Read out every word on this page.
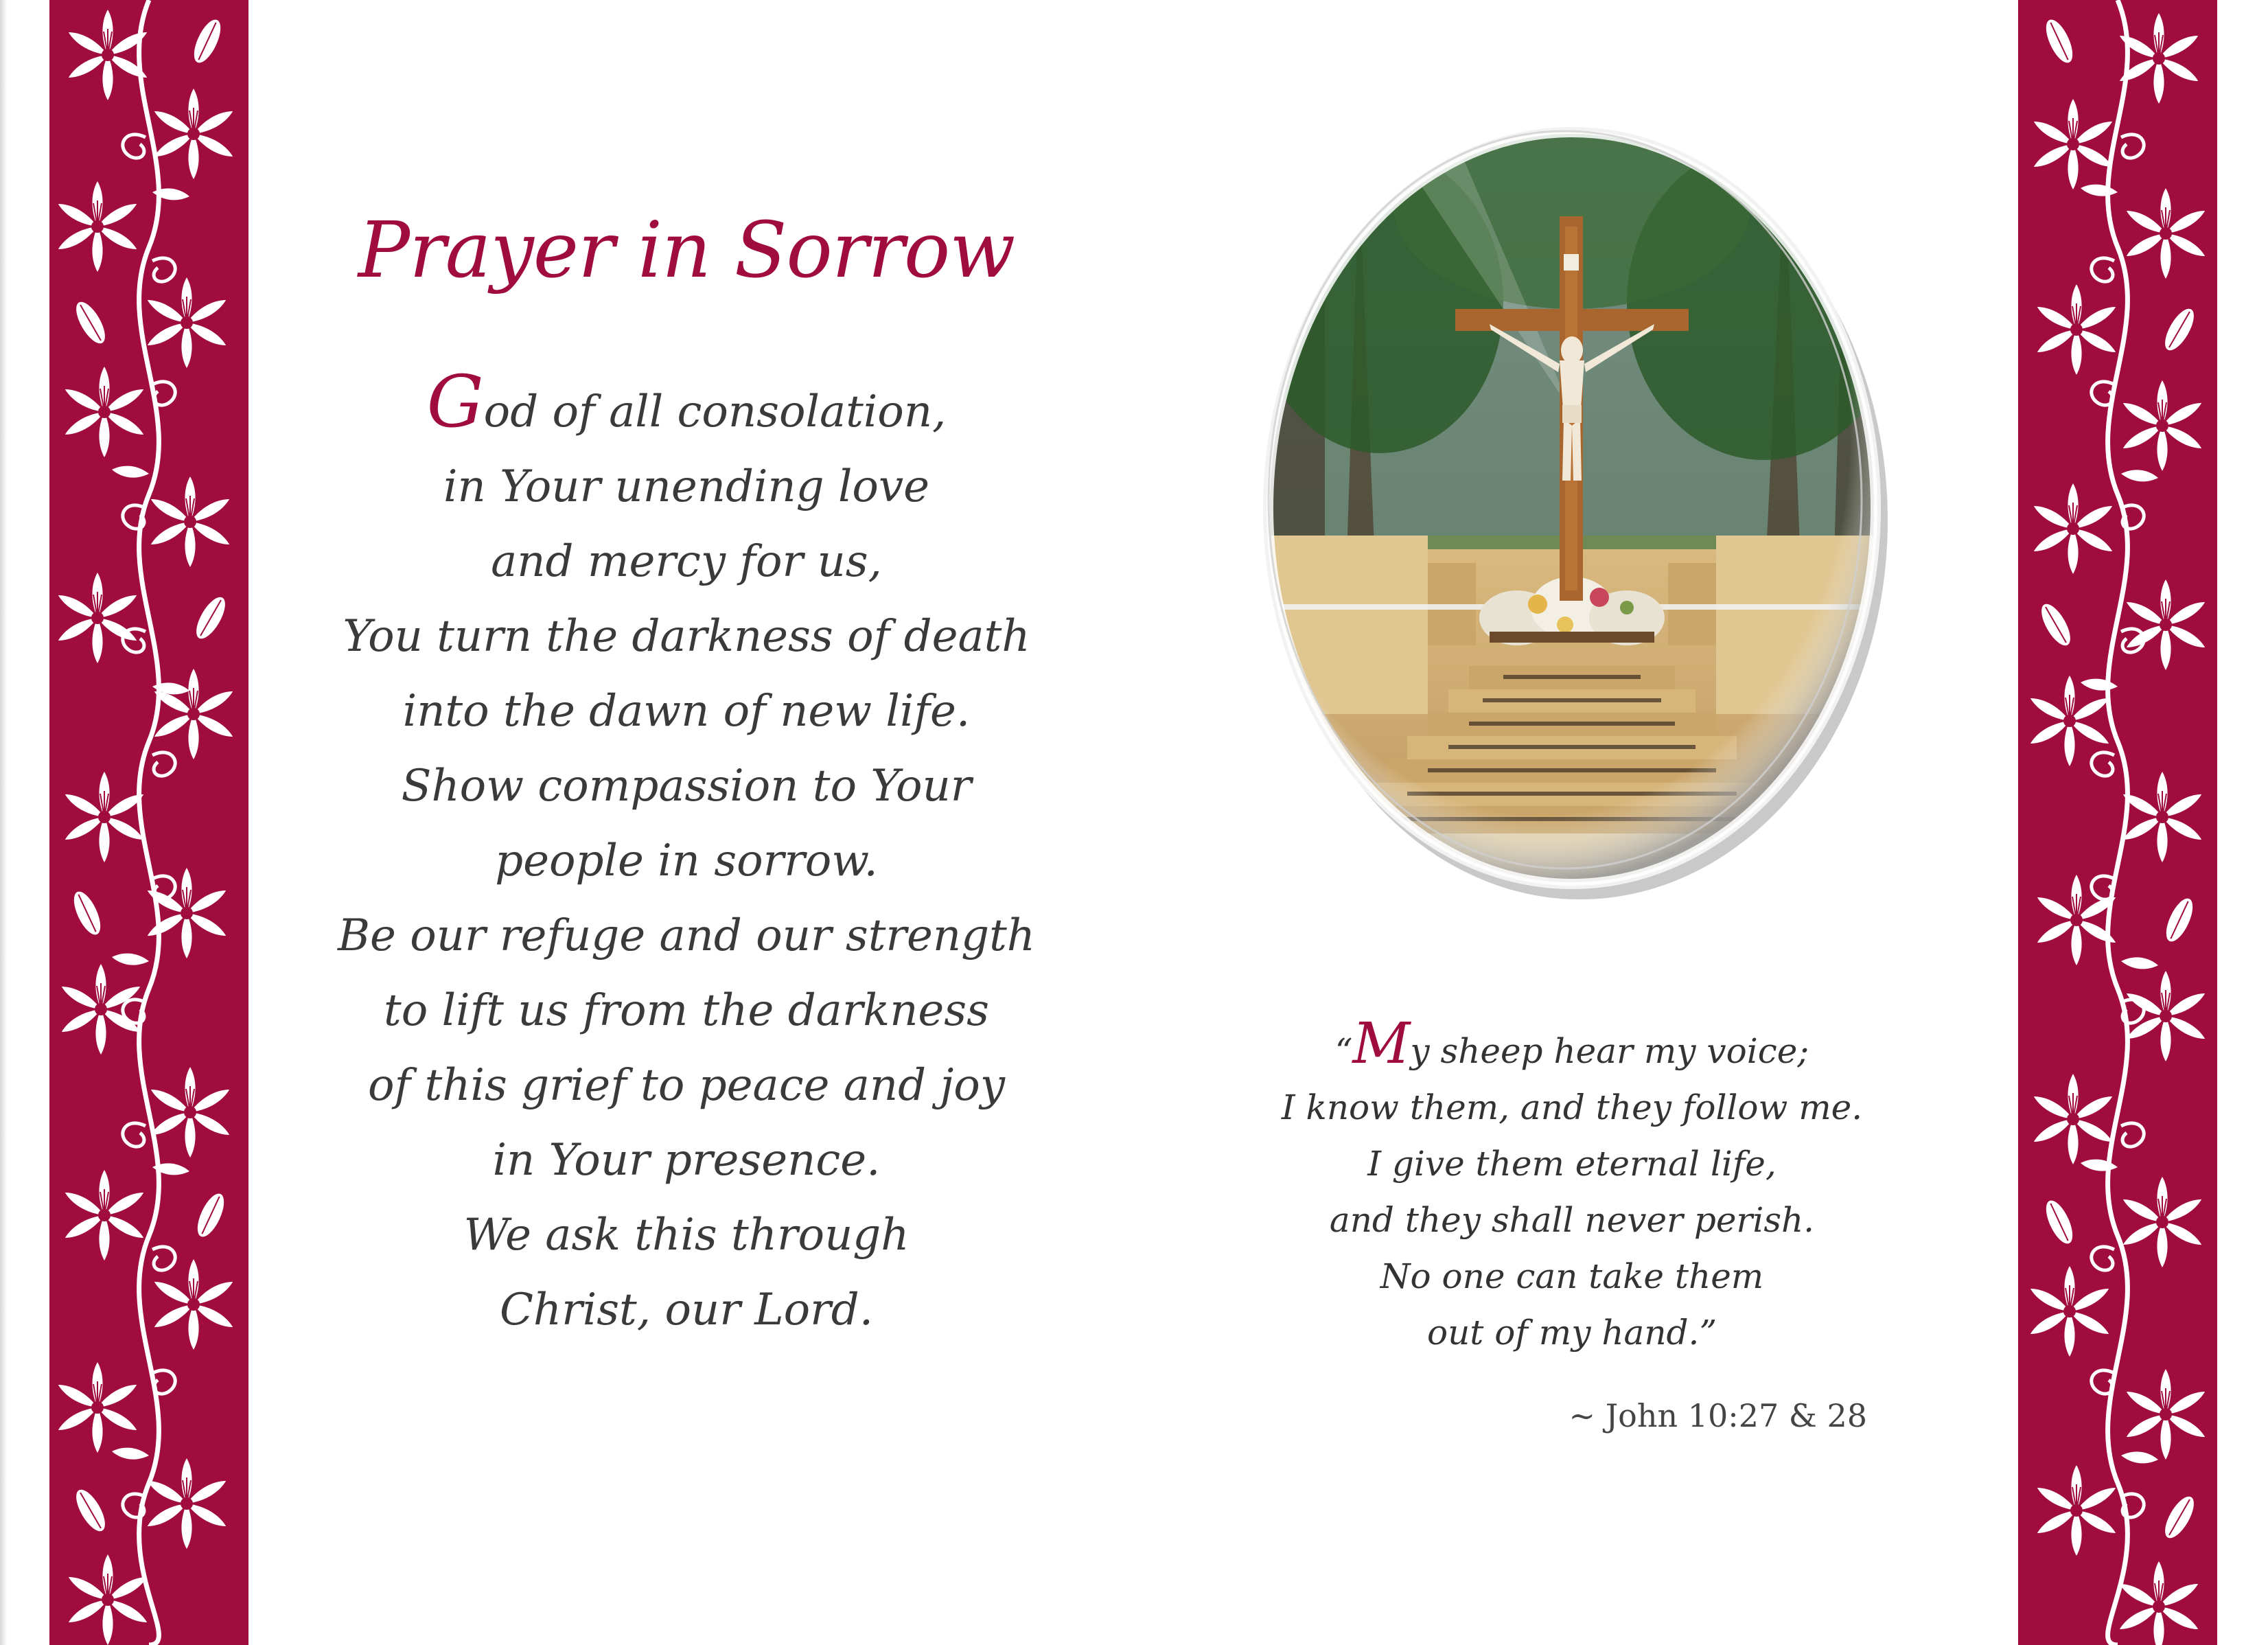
Prayer in Sorrow
God of all consolation,
in Your unending love
and mercy for us,
You turn the darkness of death
into the dawn of new life.
Show compassion to Your
people in sorrow.
Be our refuge and our strength
to lift us from the darkness
of this grief to peace and joy
in Your presence.
We ask this through
Christ, our Lord.
“My sheep hear my voice;
I know them, and they follow me.
I give them eternal life,
and they shall never perish.
No one can take them
out of my hand.”
~ John 10:27 & 28
